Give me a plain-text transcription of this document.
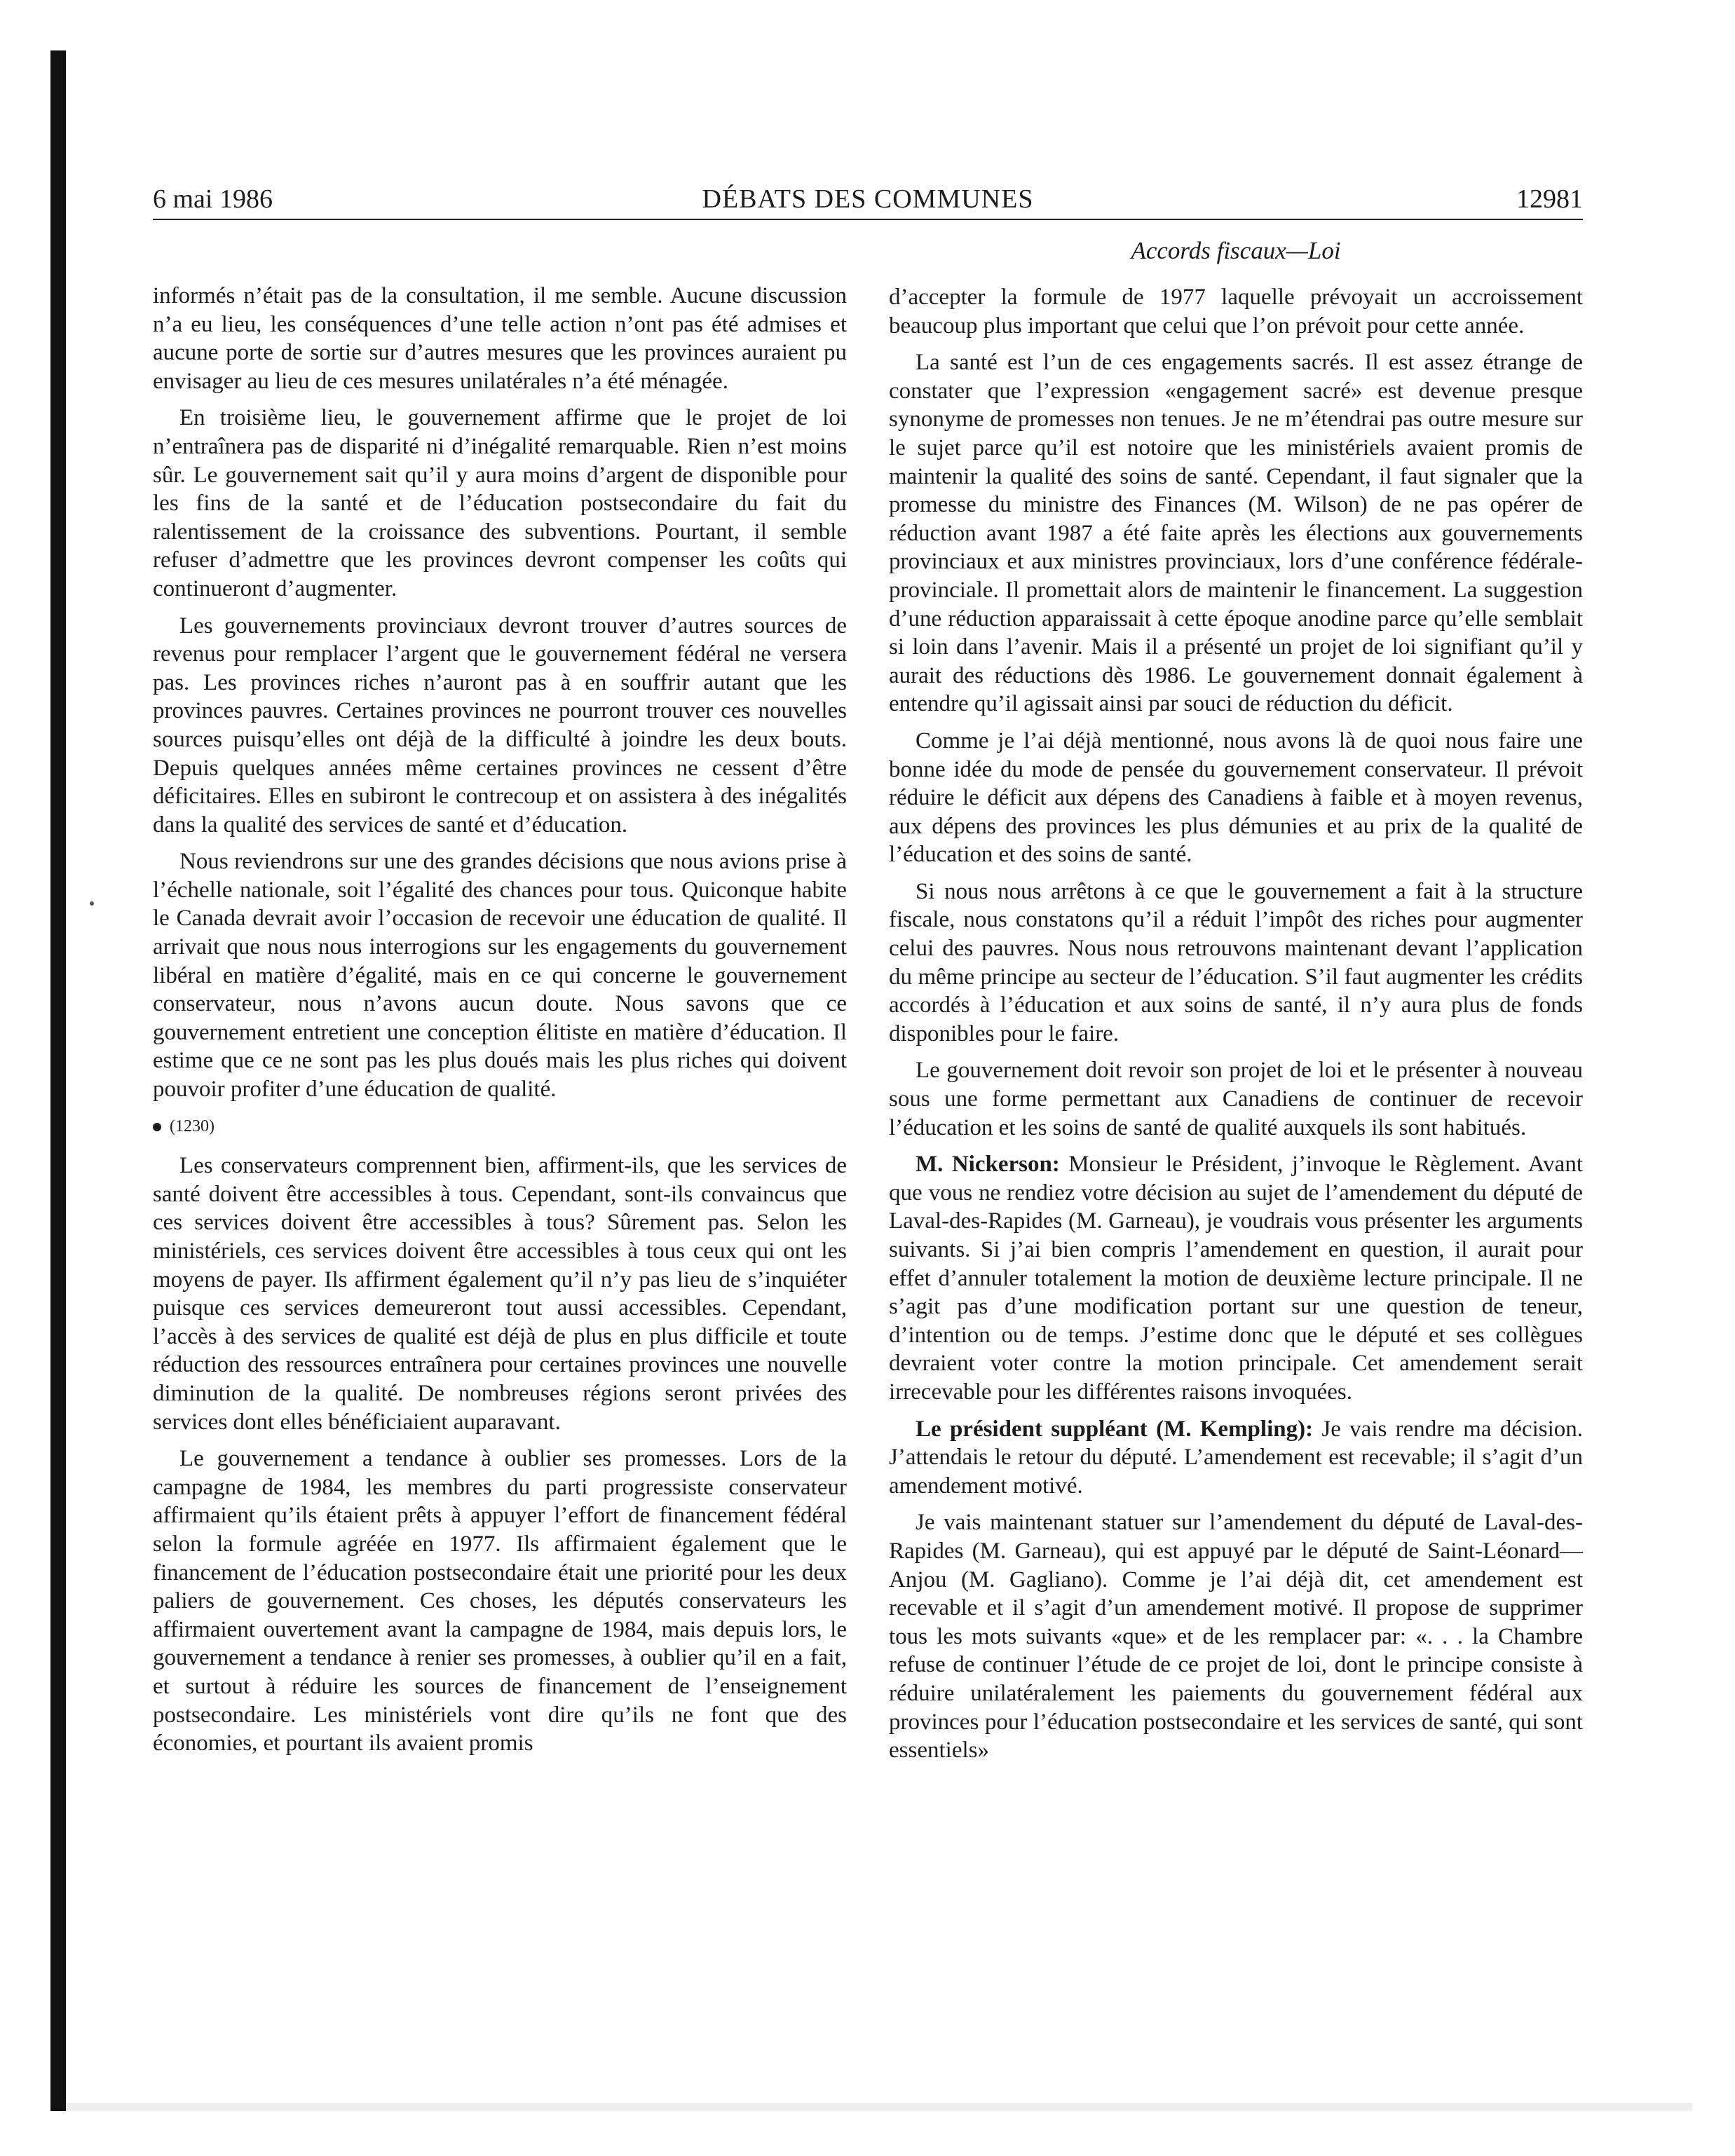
6 mai 1986	DÉBATS DES COMMUNES	12981
Accords fiscaux—Loi

informés n’était pas de la consultation, il me semble. Aucune discussion n’a eu lieu, les conséquences d’une telle action n’ont pas été admises et aucune porte de sortie sur d’autres mesures que les provinces auraient pu envisager au lieu de ces mesures unilatérales n’a été ménagée.

En troisième lieu, le gouvernement affirme que le projet de loi n’entraînera pas de disparité ni d’inégalité remarquable. Rien n’est moins sûr. Le gouvernement sait qu’il y aura moins d’argent de disponible pour les fins de la santé et de l’éducation postsecondaire du fait du ralentissement de la croissance des subventions. Pourtant, il semble refuser d’admettre que les provinces devront compenser les coûts qui continueront d’augmenter.

Les gouvernements provinciaux devront trouver d’autres sources de revenus pour remplacer l’argent que le gouvernement fédéral ne versera pas. Les provinces riches n’auront pas à en souffrir autant que les provinces pauvres. Certaines provinces ne pourront trouver ces nouvelles sources puisqu’elles ont déjà de la difficulté à joindre les deux bouts. Depuis quelques années même certaines provinces ne cessent d’être déficitaires. Elles en subiront le contrecoup et on assistera à des inégalités dans la qualité des services de santé et d’éducation.

Nous reviendrons sur une des grandes décisions que nous avions prise à l’échelle nationale, soit l’égalité des chances pour tous. Quiconque habite le Canada devrait avoir l’occasion de recevoir une éducation de qualité. Il arrivait que nous nous interrogions sur les engagements du gouvernement libéral en matière d’égalité, mais en ce qui concerne le gouvernement conservateur, nous n’avons aucun doute. Nous savons que ce gouvernement entretient une conception élitiste en matière d’éducation. Il estime que ce ne sont pas les plus doués mais les plus riches qui doivent pouvoir profiter d’une éducation de qualité.

(1230)

Les conservateurs comprennent bien, affirment-ils, que les services de santé doivent être accessibles à tous. Cependant, sont-ils convaincus que ces services doivent être accessibles à tous? Sûrement pas. Selon les ministériels, ces services doivent être accessibles à tous ceux qui ont les moyens de payer. Ils affirment également qu’il n’y pas lieu de s’inquiéter puisque ces services demeureront tout aussi accessibles. Cependant, l’accès à des services de qualité est déjà de plus en plus difficile et toute réduction des ressources entraînera pour certaines provinces une nouvelle diminution de la qualité. De nombreuses régions seront privées des services dont elles bénéficiaient auparavant.

Le gouvernement a tendance à oublier ses promesses. Lors de la campagne de 1984, les membres du parti progressiste conservateur affirmaient qu’ils étaient prêts à appuyer l’effort de financement fédéral selon la formule agréée en 1977. Ils affirmaient également que le financement de l’éducation postsecondaire était une priorité pour les deux paliers de gouvernement. Ces choses, les députés conservateurs les affirmaient ouvertement avant la campagne de 1984, mais depuis lors, le gouvernement a tendance à renier ses promesses, à oublier qu’il en a fait, et surtout à réduire les sources de financement de l’enseignement postsecondaire. Les ministériels vont dire qu’ils ne font que des économies, et pourtant ils avaient promis

d’accepter la formule de 1977 laquelle prévoyait un accroissement beaucoup plus important que celui que l’on prévoit pour cette année.

La santé est l’un de ces engagements sacrés. Il est assez étrange de constater que l’expression «engagement sacré» est devenue presque synonyme de promesses non tenues. Je ne m’étendrai pas outre mesure sur le sujet parce qu’il est notoire que les ministériels avaient promis de maintenir la qualité des soins de santé. Cependant, il faut signaler que la promesse du ministre des Finances (M. Wilson) de ne pas opérer de réduction avant 1987 a été faite après les élections aux gouvernements provinciaux et aux ministres provinciaux, lors d’une conférence fédérale-provinciale. Il promettait alors de maintenir le financement. La suggestion d’une réduction apparaissait à cette époque anodine parce qu’elle semblait si loin dans l’avenir. Mais il a présenté un projet de loi signifiant qu’il y aurait des réductions dès 1986. Le gouvernement donnait également à entendre qu’il agissait ainsi par souci de réduction du déficit.

Comme je l’ai déjà mentionné, nous avons là de quoi nous faire une bonne idée du mode de pensée du gouvernement conservateur. Il prévoit réduire le déficit aux dépens des Canadiens à faible et à moyen revenus, aux dépens des provinces les plus démunies et au prix de la qualité de l’éducation et des soins de santé.

Si nous nous arrêtons à ce que le gouvernement a fait à la structure fiscale, nous constatons qu’il a réduit l’impôt des riches pour augmenter celui des pauvres. Nous nous retrouvons maintenant devant l’application du même principe au secteur de l’éducation. S’il faut augmenter les crédits accordés à l’éducation et aux soins de santé, il n’y aura plus de fonds disponibles pour le faire.

Le gouvernement doit revoir son projet de loi et le présenter à nouveau sous une forme permettant aux Canadiens de continuer de recevoir l’éducation et les soins de santé de qualité auxquels ils sont habitués.

M. Nickerson: Monsieur le Président, j’invoque le Règlement. Avant que vous ne rendiez votre décision au sujet de l’amendement du député de Laval-des-Rapides (M. Garneau), je voudrais vous présenter les arguments suivants. Si j’ai bien compris l’amendement en question, il aurait pour effet d’annuler totalement la motion de deuxième lecture principale. Il ne s’agit pas d’une modification portant sur une question de teneur, d’intention ou de temps. J’estime donc que le député et ses collègues devraient voter contre la motion principale. Cet amendement serait irrecevable pour les différentes raisons invoquées.

Le président suppléant (M. Kempling): Je vais rendre ma décision. J’attendais le retour du député. L’amendement est recevable; il s’agit d’un amendement motivé.

Je vais maintenant statuer sur l’amendement du député de Laval-des-Rapides (M. Garneau), qui est appuyé par le député de Saint-Léonard—Anjou (M. Gagliano). Comme je l’ai déjà dit, cet amendement est recevable et il s’agit d’un amendement motivé. Il propose de supprimer tous les mots suivants «que» et de les remplacer par: «. . . la Chambre refuse de continuer l’étude de ce projet de loi, dont le principe consiste à réduire unilatéralement les paiements du gouvernement fédéral aux provinces pour l’éducation postsecondaire et les services de santé, qui sont essentiels»
